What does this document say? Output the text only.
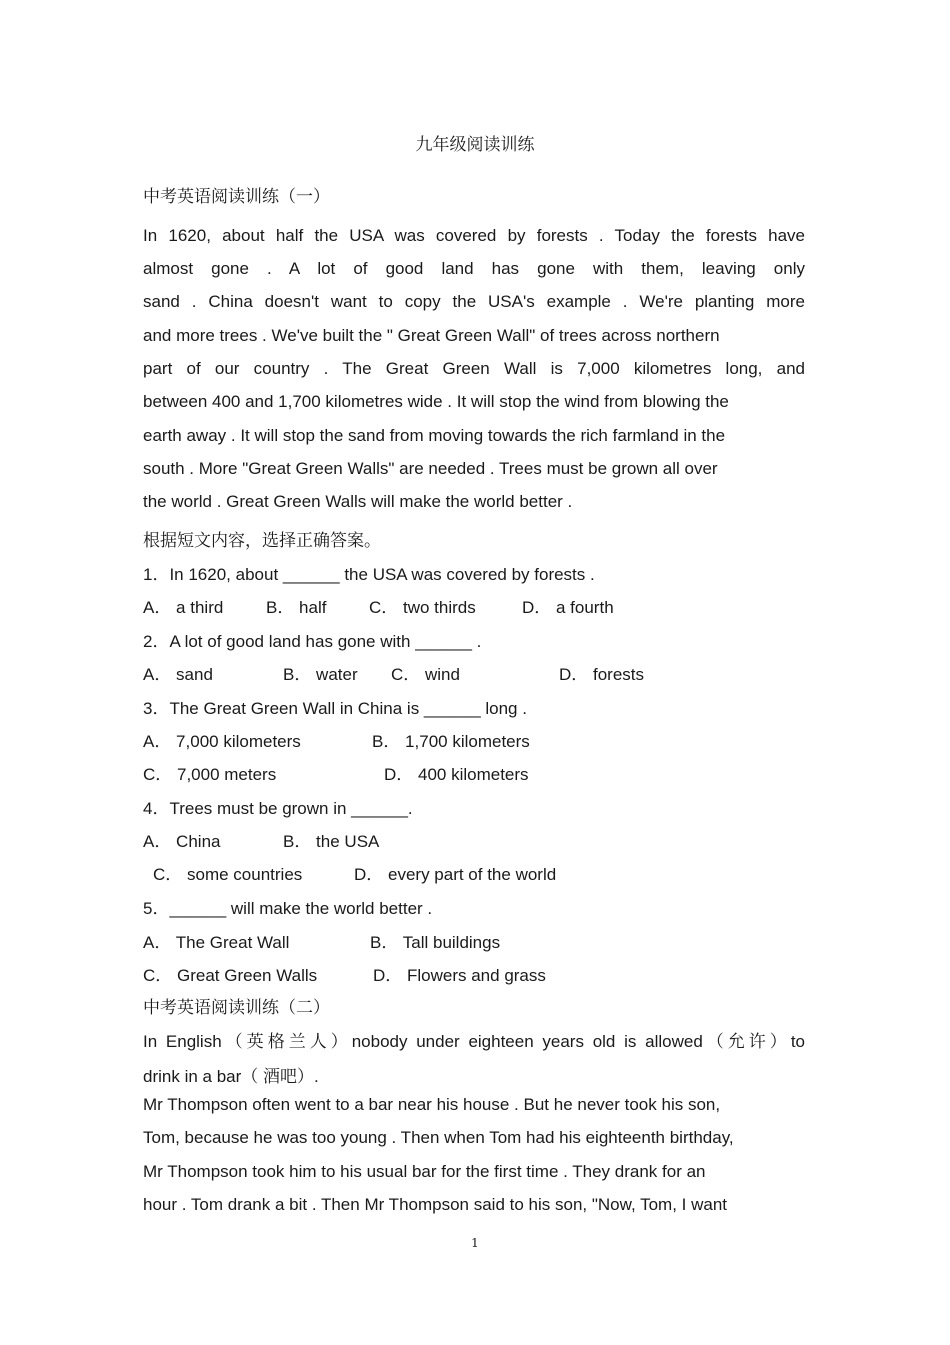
九年级阅读训练
中考英语阅读训练（一）
In 1620, about half the USA was covered by forests . Today the forests have
almost gone . A lot of good land has gone with them, leaving only
sand . China doesn't want to copy the USA's example . We're planting more
and more trees . We've built the " Great Green Wall" of trees across northern
part of our country . The Great Green Wall is 7,000 kilometres long, and
between 400 and 1,700 kilometres wide . It will stop the wind from blowing the
earth away . It will stop the sand from moving towards the rich farmland in the
south . More "Great Green Walls" are needed . Trees must be grown all over
the world . Great Green Walls will make the world better .
根据短文内容，选择正确答案。
1．In 1620, about ______ the USA was covered by forests .
A． a third	B． half	C． two thirds	D． a fourth
2．A lot of good land has gone with ______ .
A． sand	B． water C． wind	D． forests
3．The Great Green Wall in China is ______ long .
A． 7,000 kilometers	B． 1,700 kilometers
C． 7,000 meters	D． 400 kilometers
4．Trees must be grown in ______.
A． China	B． the USA
C． some countries	D． every part of the world
5．______ will make the world better .
A． The Great Wall	B． Tall buildings
C． Great Green Walls	D． Flowers and grass
中考英语阅读训练（二）
In English（英格兰人）nobody under eighteen years old is allowed（允许）to
drink in a bar（ 酒吧）.
Mr Thompson often went to a bar near his house . But he never took his son,
Tom, because he was too young . Then when Tom had his eighteenth birthday,
Mr Thompson took him to his usual bar for the first time . They drank for an
hour . Tom drank a bit . Then Mr Thompson said to his son, "Now, Tom, I want
1
